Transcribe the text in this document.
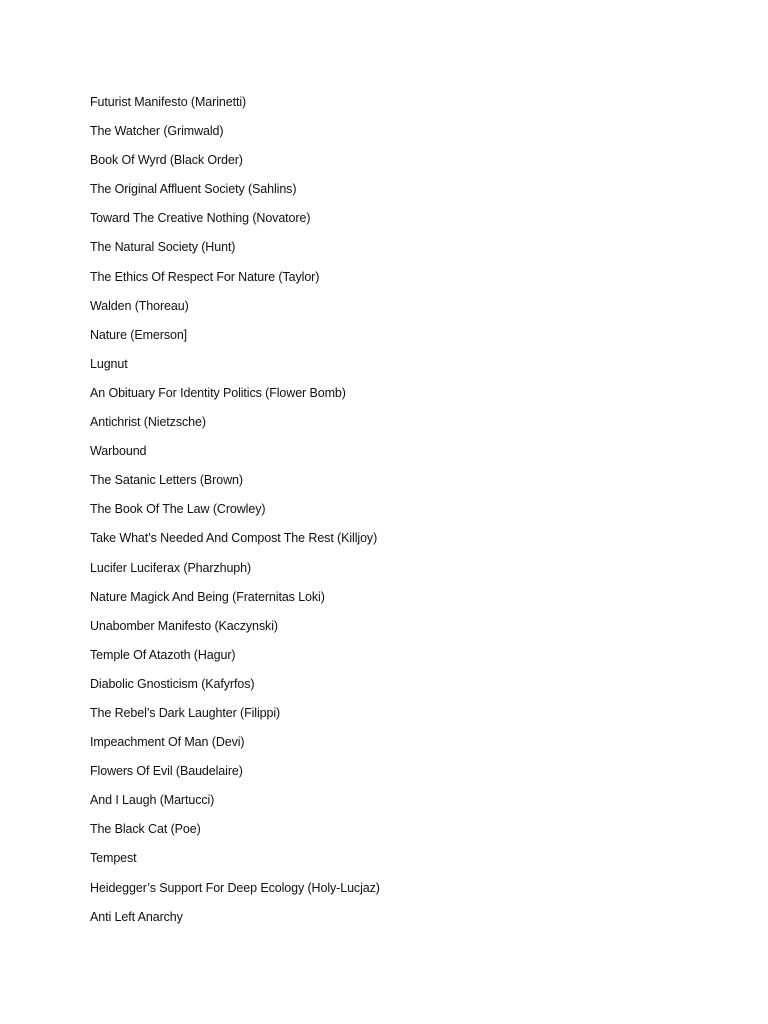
Futurist Manifesto (Marinetti)
The Watcher (Grimwald)
Book Of Wyrd (Black Order)
The Original Affluent Society (Sahlins)
Toward The Creative Nothing (Novatore)
The Natural Society (Hunt)
The Ethics Of Respect For Nature (Taylor)
Walden (Thoreau)
Nature (Emerson]
Lugnut
An Obituary For Identity Politics (Flower Bomb)
Antichrist (Nietzsche)
Warbound
The Satanic Letters (Brown)
The Book Of The Law (Crowley)
Take What’s Needed And Compost The Rest (Killjoy)
Lucifer Luciferax (Pharzhuph)
Nature Magick And Being (Fraternitas Loki)
Unabomber Manifesto (Kaczynski)
Temple Of Atazoth (Hagur)
Diabolic Gnosticism (Kafyrfos)
The Rebel’s Dark Laughter (Filippi)
Impeachment Of Man (Devi)
Flowers Of Evil (Baudelaire)
And I Laugh (Martucci)
The Black Cat (Poe)
Tempest
Heidegger’s Support For Deep Ecology (Holy-Lucjaz)
Anti Left Anarchy
